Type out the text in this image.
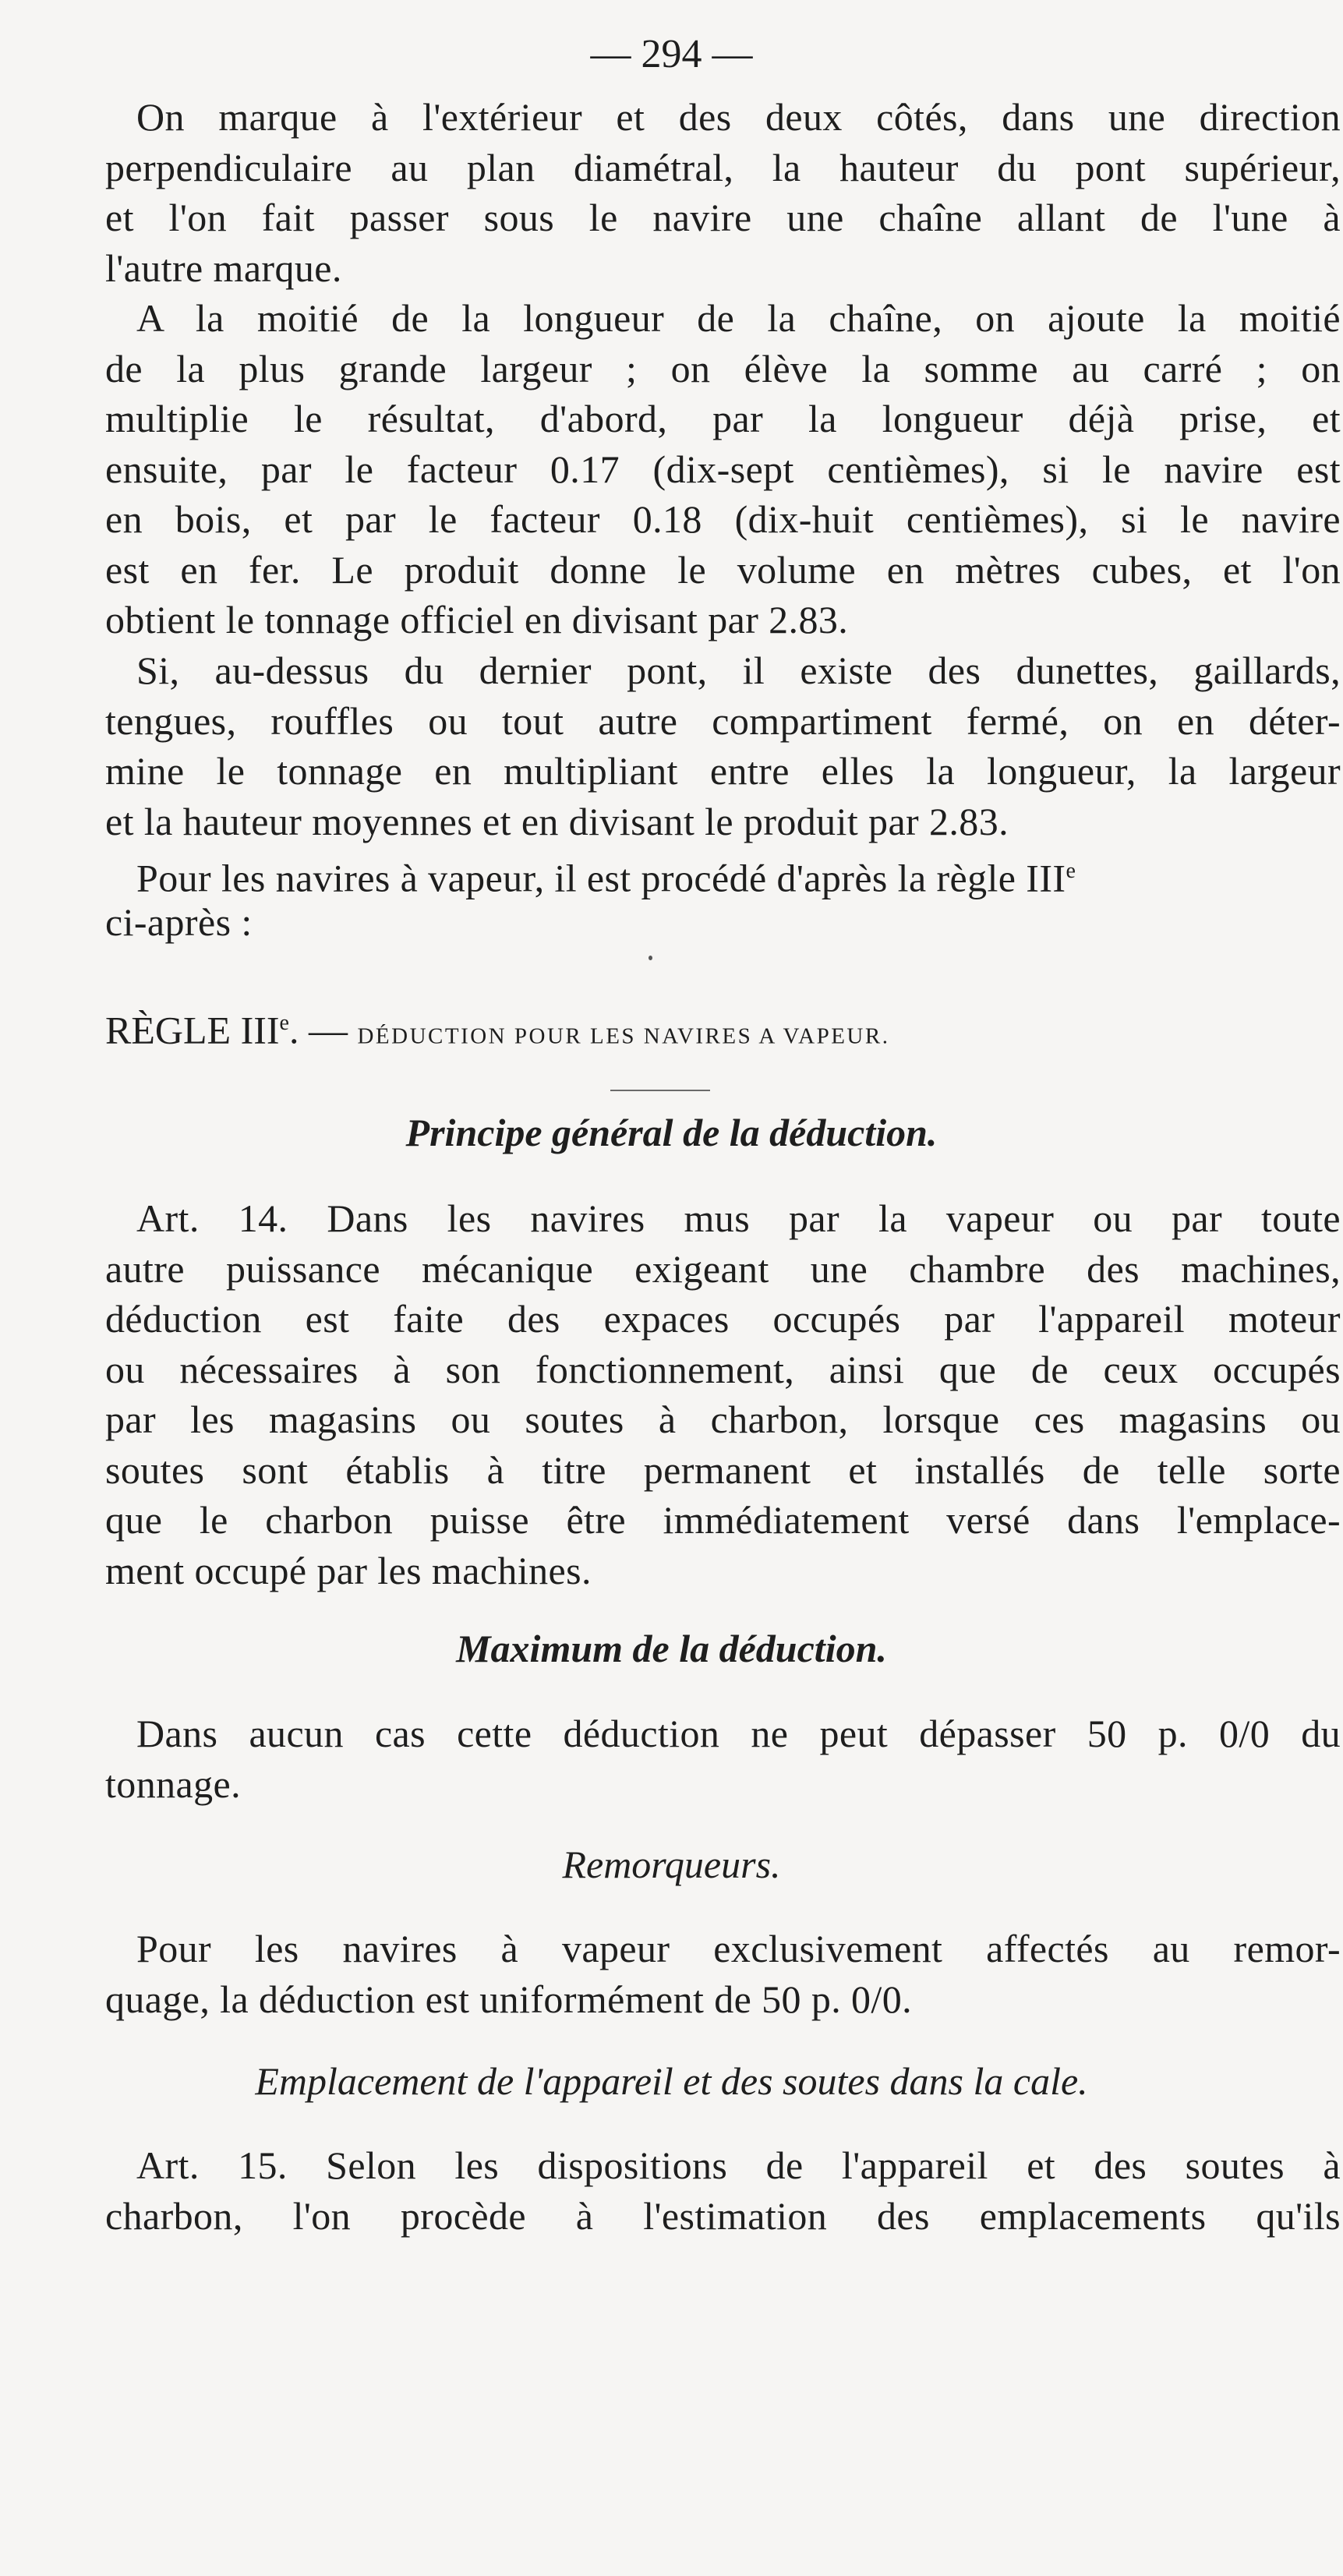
— 294 —
On marque à l'extérieur et des deux côtés, dans une direction
perpendiculaire au plan diamétral, la hauteur du pont supérieur,
et l'on fait passer sous le navire une chaîne allant de l'une à
l'autre marque.
A la moitié de la longueur de la chaîne, on ajoute la moitié
de la plus grande largeur ; on élève la somme au carré ; on
multiplie le résultat, d'abord, par la longueur déjà prise, et
ensuite, par le facteur 0.17 (dix-sept centièmes), si le navire est
en bois, et par le facteur 0.18 (dix-huit centièmes), si le navire
est en fer. Le produit donne le volume en mètres cubes, et l'on
obtient le tonnage officiel en divisant par 2.83.
Si, au-dessus du dernier pont, il existe des dunettes, gaillards,
tengues, rouffles ou tout autre compartiment fermé, on en déter-
mine le tonnage en multipliant entre elles la longueur, la largeur
et la hauteur moyennes et en divisant le produit par 2.83.
Pour les navires à vapeur, il est procédé d'après la règle IIIe
ci-après :
RÈGLE IIIe. — DÉDUCTION POUR LES NAVIRES A VAPEUR.
Principe général de la déduction.
Art. 14. Dans les navires mus par la vapeur ou par toute
autre puissance mécanique exigeant une chambre des machines,
déduction est faite des expaces occupés par l'appareil moteur
ou nécessaires à son fonctionnement, ainsi que de ceux occupés
par les magasins ou soutes à charbon, lorsque ces magasins ou
soutes sont établis à titre permanent et installés de telle sorte
que le charbon puisse être immédiatement versé dans l'emplace-
ment occupé par les machines.
Maximum de la déduction.
Dans aucun cas cette déduction ne peut dépasser 50 p. 0/0 du
tonnage.
Remorqueurs.
Pour les navires à vapeur exclusivement affectés au remor-
quage, la déduction est uniformément de 50 p. 0/0.
Emplacement de l'appareil et des soutes dans la cale.
Art. 15. Selon les dispositions de l'appareil et des soutes à
charbon, l'on procède à l'estimation des emplacements qu'ils
